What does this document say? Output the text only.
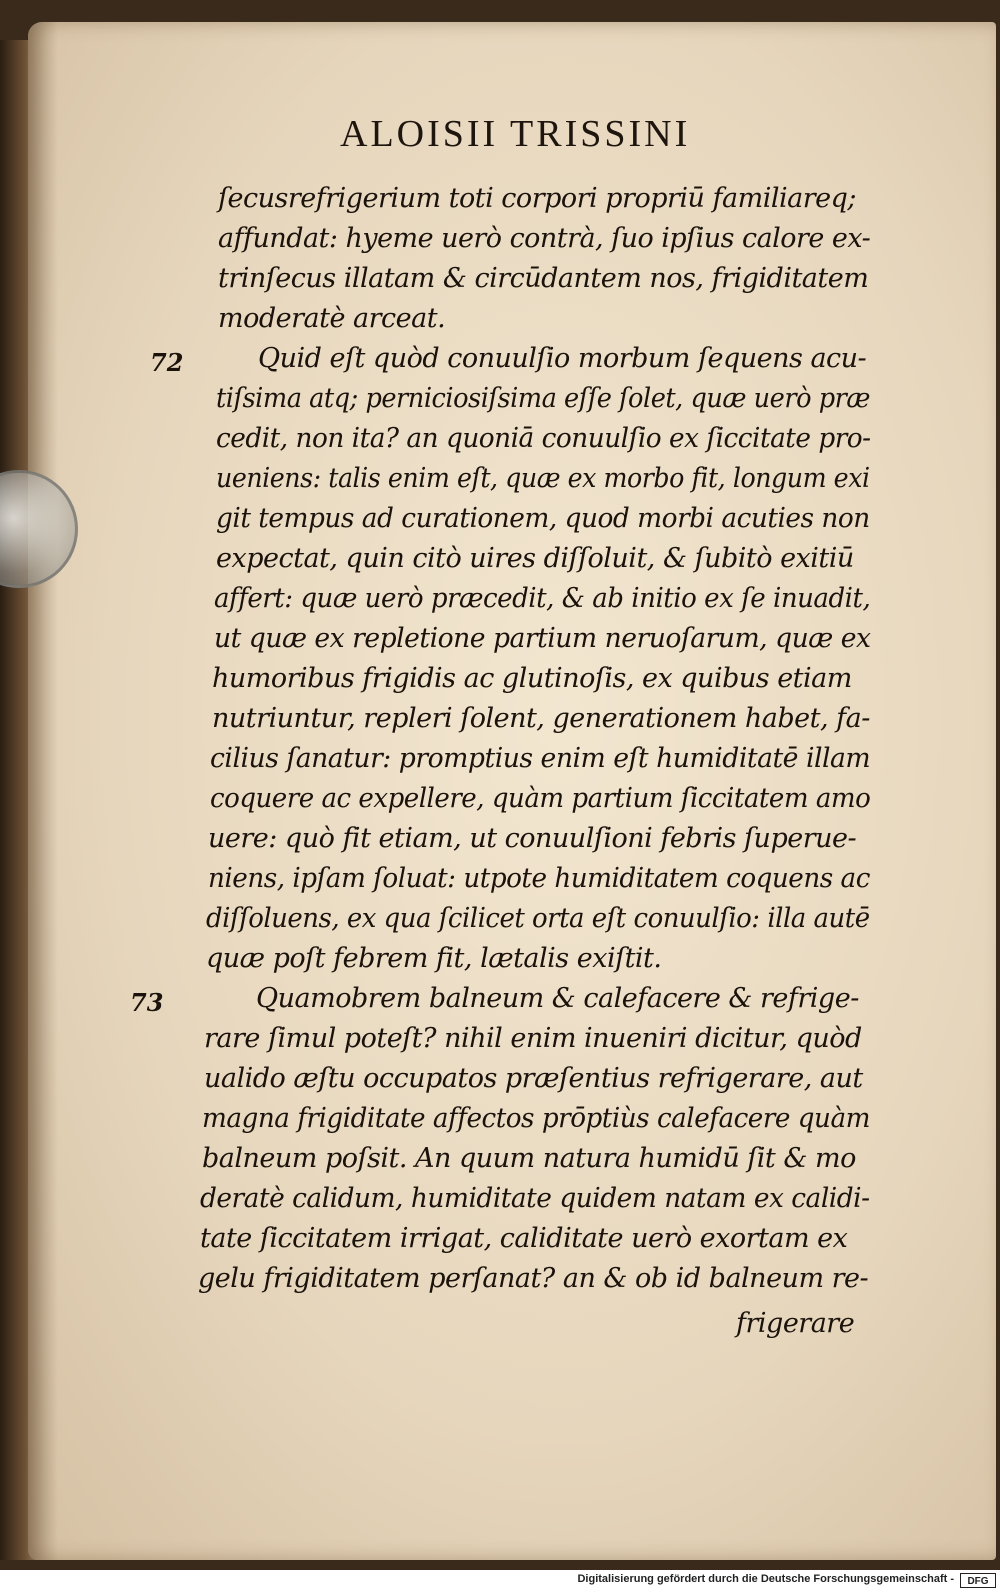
ALOISII TRISSINI
72
73
ſecusrefrigerium toti corpori propriū familiareq;
affundat: hyeme uerò contrà, ſuo ipſius calore ex-
trinſecus illatam & circūdantem nos, frigiditatem
moderatè arceat.
Quid eſt quòd conuulſio morbum ſequens acu-
tiſsima atq; perniciosiſsima eſſe ſolet, quæ uerò præ
cedit, non ita? an quoniā conuulſio ex ſiccitate pro-
ueniens: talis enim eſt, quæ ex morbo fit, longum exi
git tempus ad curationem, quod morbi acuties non
expectat, quin citò uires diſſoluit, & ſubitò exitiū
affert: quæ uerò præcedit, & ab initio ex ſe inuadit,
ut quæ ex repletione partium neruoſarum, quæ ex
humoribus frigidis ac glutinoſis, ex quibus etiam
nutriuntur, repleri ſolent, generationem habet, fa-
cilius ſanatur: promptius enim eſt humiditatē illam
coquere ac expellere, quàm partium ſiccitatem amo
uere: quò fit etiam, ut conuulſioni febris ſuperue-
niens, ipſam ſoluat: utpote humiditatem coquens ac
diſſoluens, ex qua ſcilicet orta eſt conuulſio: illa autē
quæ poſt febrem fit, lætalis exiſtit.
Quamobrem balneum & calefacere & refrige-
rare ſimul poteſt? nihil enim inueniri dicitur, quòd
ualido æſtu occupatos præſentius refrigerare, aut
magna frigiditate affectos prōptiùs calefacere quàm
balneum poſsit. An quum natura humidū ſit & mo
deratè calidum, humiditate quidem natam ex calidi-
tate ſiccitatem irrigat, caliditate uerò exortam ex
gelu frigiditatem perſanat? an & ob id balneum re-
frigerare
Digitalisierung gefördert durch die Deutsche Forschungsgemeinschaft -	DFG
